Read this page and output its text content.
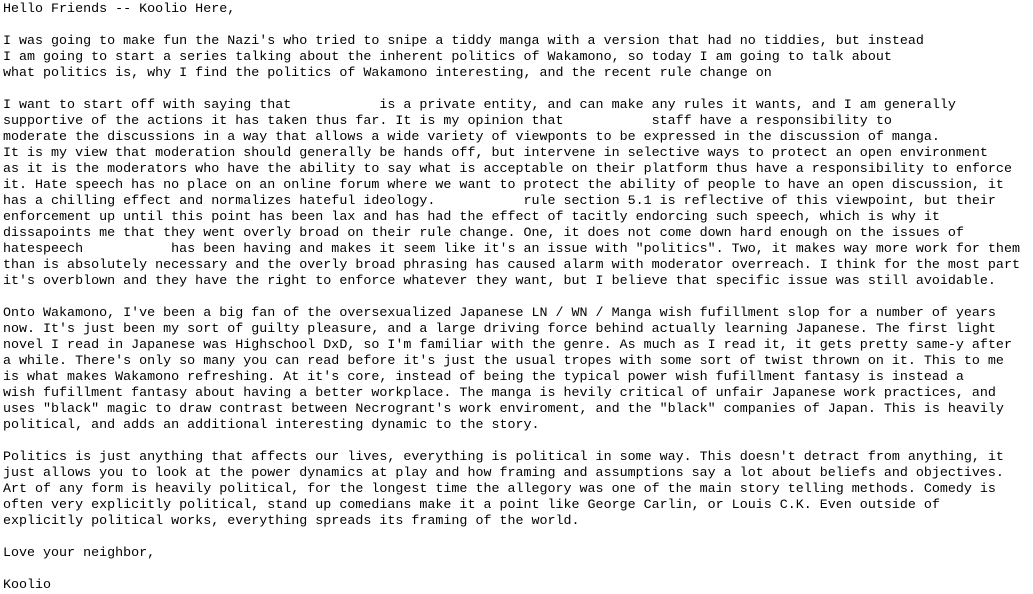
Hello Friends -- Koolio Here,

I was going to make fun the Nazi's who tried to snipe a tiddy manga with a version that had no tiddies, but instead
I am going to start a series talking about the inherent politics of Wakamono, so today I am going to talk about
what politics is, why I find the politics of Wakamono interesting, and the recent rule change on

I want to start off with saying that           is a private entity, and can make any rules it wants, and I am generally
supportive of the actions it has taken thus far. It is my opinion that           staff have a responsibility to
moderate the discussions in a way that allows a wide variety of viewponts to be expressed in the discussion of manga.
It is my view that moderation should generally be hands off, but intervene in selective ways to protect an open environment
as it is the moderators who have the ability to say what is acceptable on their platform thus have a responsibility to enforce
it. Hate speech has no place on an online forum where we want to protect the ability of people to have an open discussion, it
has a chilling effect and normalizes hateful ideology.           rule section 5.1 is reflective of this viewpoint, but their
enforcement up until this point has been lax and has had the effect of tacitly endorcing such speech, which is why it
dissapoints me that they went overly broad on their rule change. One, it does not come down hard enough on the issues of
hatespeech           has been having and makes it seem like it's an issue with "politics". Two, it makes way more work for them
than is absolutely necessary and the overly broad phrasing has caused alarm with moderator overreach. I think for the most part
it's overblown and they have the right to enforce whatever they want, but I believe that specific issue was still avoidable.

Onto Wakamono, I've been a big fan of the oversexualized Japanese LN / WN / Manga wish fufillment slop for a number of years
now. It's just been my sort of guilty pleasure, and a large driving force behind actually learning Japanese. The first light
novel I read in Japanese was Highschool DxD, so I'm familiar with the genre. As much as I read it, it gets pretty same-y after
a while. There's only so many you can read before it's just the usual tropes with some sort of twist thrown on it. This to me
is what makes Wakamono refreshing. At it's core, instead of being the typical power wish fufillment fantasy is instead a
wish fufillment fantasy about having a better workplace. The manga is hevily critical of unfair Japanese work practices, and
uses "black" magic to draw contrast between Necrogrant's work enviroment, and the "black" companies of Japan. This is heavily
political, and adds an additional interesting dynamic to the story.

Politics is just anything that affects our lives, everything is political in some way. This doesn't detract from anything, it
just allows you to look at the power dynamics at play and how framing and assumptions say a lot about beliefs and objectives.
Art of any form is heavily political, for the longest time the allegory was one of the main story telling methods. Comedy is
often very explicitly political, stand up comedians make it a point like George Carlin, or Louis C.K. Even outside of
explicitly political works, everything spreads its framing of the world.

Love your neighbor,

Koolio
